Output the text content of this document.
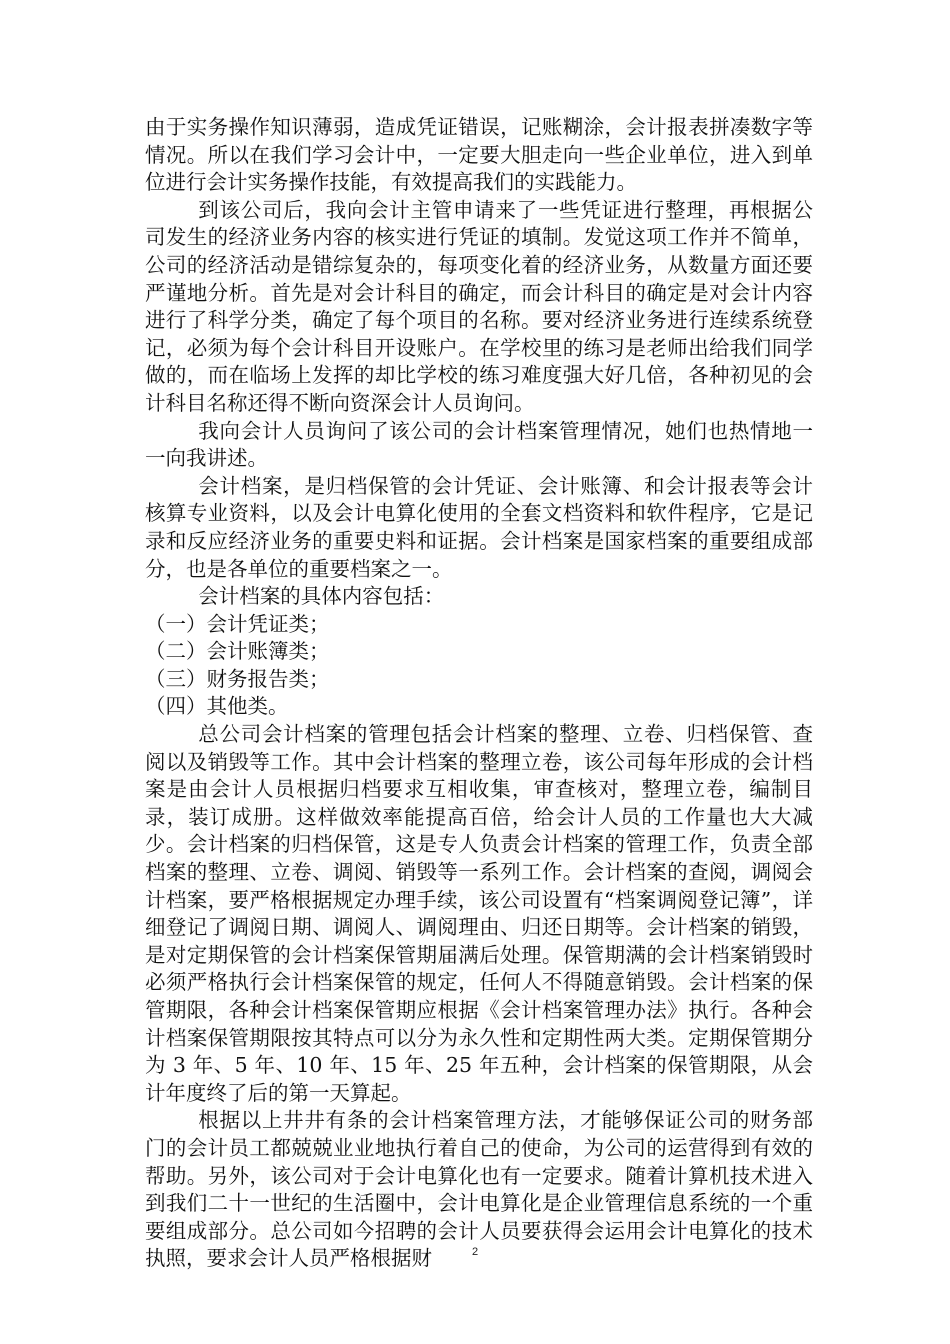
由于实务操作知识薄弱，造成凭证错误，记账糊涂，会计报表拼凑数字等情况。所以在我们学习会计中，一定要大胆走向一些企业单位，进入到单位进行会计实务操作技能，有效提高我们的实践能力。

到该公司后，我向会计主管申请来了一些凭证进行整理，再根据公司发生的经济业务内容的核实进行凭证的填制。发觉这项工作并不简单，公司的经济活动是错综复杂的，每项变化着的经济业务，从数量方面还要严谨地分析。首先是对会计科目的确定，而会计科目的确定是对会计内容进行了科学分类，确定了每个项目的名称。要对经济业务进行连续系统登记，必须为每个会计科目开设账户。在学校里的练习是老师出给我们同学做的，而在临场上发挥的却比学校的练习难度强大好几倍，各种初见的会计科目名称还得不断向资深会计人员询问。

我向会计人员询问了该公司的会计档案管理情况，她们也热情地一一向我讲述。

会计档案，是归档保管的会计凭证、会计账簿、和会计报表等会计核算专业资料，以及会计电算化使用的全套文档资料和软件程序，它是记录和反应经济业务的重要史料和证据。会计档案是国家档案的重要组成部分，也是各单位的重要档案之一。

会计档案的具体内容包括：

（一）会计凭证类；

（二）会计账簿类；

（三）财务报告类；

（四）其他类。

总公司会计档案的管理包括会计档案的整理、立卷、归档保管、查阅以及销毁等工作。其中会计档案的整理立卷，该公司每年形成的会计档案是由会计人员根据归档要求互相收集，审查核对，整理立卷，编制目录，装订成册。这样做效率能提高百倍，给会计人员的工作量也大大减少。会计档案的归档保管，这是专人负责会计档案的管理工作，负责全部档案的整理、立卷、调阅、销毁等一系列工作。会计档案的查阅，调阅会计档案，要严格根据规定办理手续，该公司设置有“档案调阅登记簿”，详细登记了调阅日期、调阅人、调阅理由、归还日期等。会计档案的销毁，是对定期保管的会计档案保管期届满后处理。保管期满的会计档案销毁时必须严格执行会计档案保管的规定，任何人不得随意销毁。会计档案的保管期限，各种会计档案保管期应根据《会计档案管理办法》执行。各种会计档案保管期限按其特点可以分为永久性和定期性两大类。定期保管期分为 3 年、5 年、10 年、15 年、25 年五种，会计档案的保管期限，从会计年度终了后的第一天算起。

根据以上井井有条的会计档案管理方法，才能够保证公司的财务部门的会计员工都兢兢业业地执行着自己的使命，为公司的运营得到有效的帮助。另外，该公司对于会计电算化也有一定要求。随着计算机技术进入到我们二十一世纪的生活圈中，会计电算化是企业管理信息系统的一个重要组成部分。总公司如今招聘的会计人员要获得会运用会计电算化的技术执照，要求会计人员严格根据财	2
